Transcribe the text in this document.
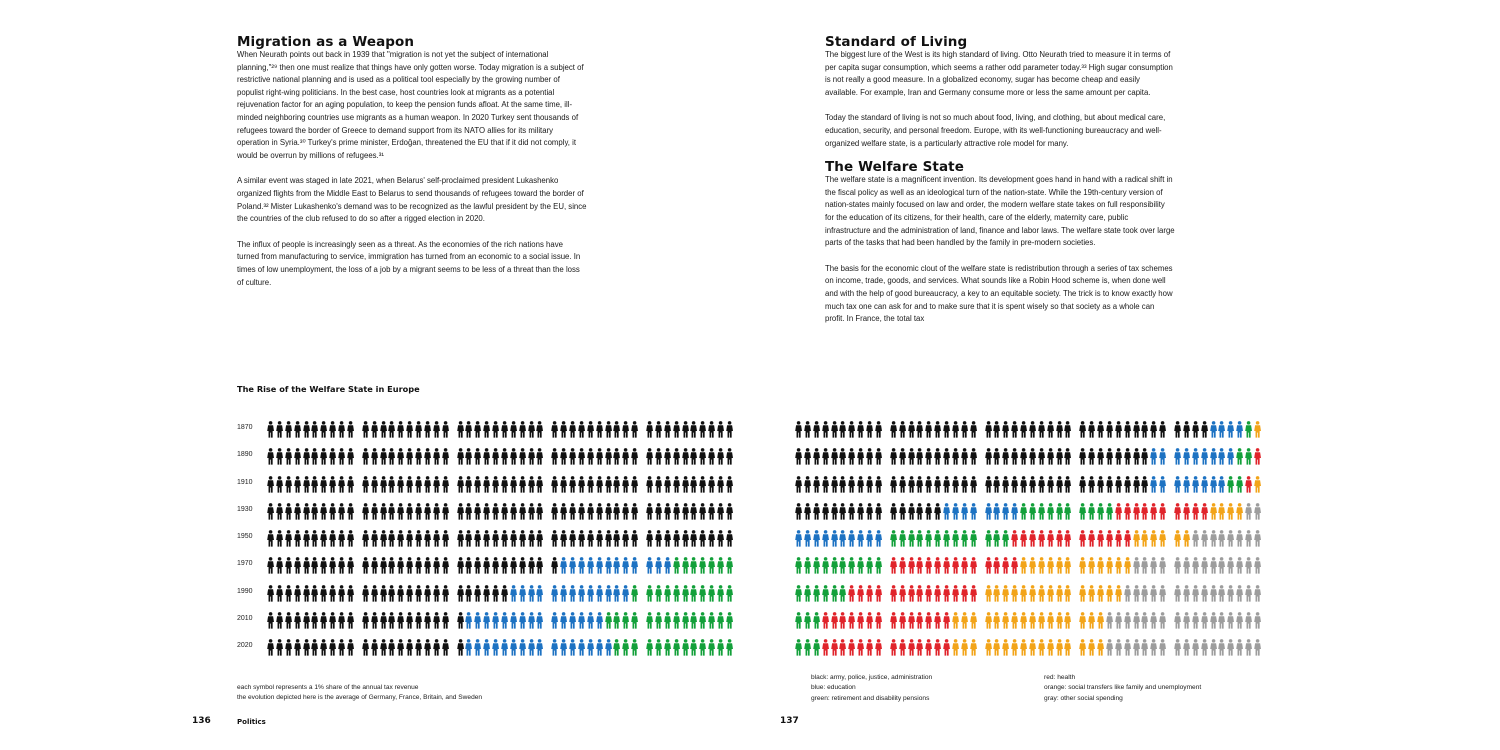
Migration as a Weapon

When Neurath points out back in 1939 that "migration is not yet the subject of international planning,"²⁹ then one must realize that things have only gotten worse. Today migration is a subject of restrictive national planning and is used as a political tool especially by the growing number of populist right-wing politicians. In the best case, host countries look at migrants as a potential rejuvenation factor for an aging population, to keep the pension funds afloat. At the same time, ill-minded neighboring countries use migrants as a human weapon. In 2020 Turkey sent thousands of refugees toward the border of Greece to demand support from its NATO allies for its military operation in Syria.³⁰ Turkey's prime minister, Erdoğan, threatened the EU that if it did not comply, it would be overrun by millions of refugees.³¹

A similar event was staged in late 2021, when Belarus' self-proclaimed president Lukashenko organized flights from the Middle East to Belarus to send thousands of refugees toward the border of Poland.³² Mister Lukashenko's demand was to be recognized as the lawful president by the EU, since the countries of the club refused to do so after a rigged election in 2020.

The influx of people is increasingly seen as a threat. As the economies of the rich nations have turned from manufacturing to service, immigration has turned from an economic to a social issue. In times of low unemployment, the loss of a job by a migrant seems to be less of a threat than the loss of culture.

The Rise of the Welfare State in Europe
1870
1890
1910
1930
1950
1970
1990
2010
2020
each symbol represents a 1% share of the annual tax revenue
the evolution depicted here is the average of Germany, France, Britain, and Sweden
136	Politics
Standard of Living

The biggest lure of the West is its high standard of living. Otto Neurath tried to measure it in terms of per capita sugar consumption, which seems a rather odd parameter today.³³ High sugar consumption is not really a good measure. In a globalized economy, sugar has become cheap and easily available. For example, Iran and Germany consume more or less the same amount per capita.

Today the standard of living is not so much about food, living, and clothing, but about medical care, education, security, and personal freedom. Europe, with its well-functioning bureaucracy and well-organized welfare state, is a particularly attractive role model for many.

The Welfare State

The welfare state is a magnificent invention. Its development goes hand in hand with a radical shift in the fiscal policy as well as an ideological turn of the nation-state. While the 19th-century version of nation-states mainly focused on law and order, the modern welfare state takes on full responsibility for the education of its citizens, for their health, care of the elderly, maternity care, public infrastructure and the administration of land, finance and labor laws. The welfare state took over large parts of the tasks that had been handled by the family in pre-modern societies.

The basis for the economic clout of the welfare state is redistribution through a series of tax schemes on income, trade, goods, and services. What sounds like a Robin Hood scheme is, when done well and with the help of good bureaucracy, a key to an equitable society. The trick is to know exactly how much tax one can ask for and to make sure that it is spent wisely so that society as a whole can profit. In France, the total tax

black: army, police, justice, administration
blue: education
green: retirement and disability pensions
red: health
orange: social transfers like family and unemployment
gray: other social spending
137
